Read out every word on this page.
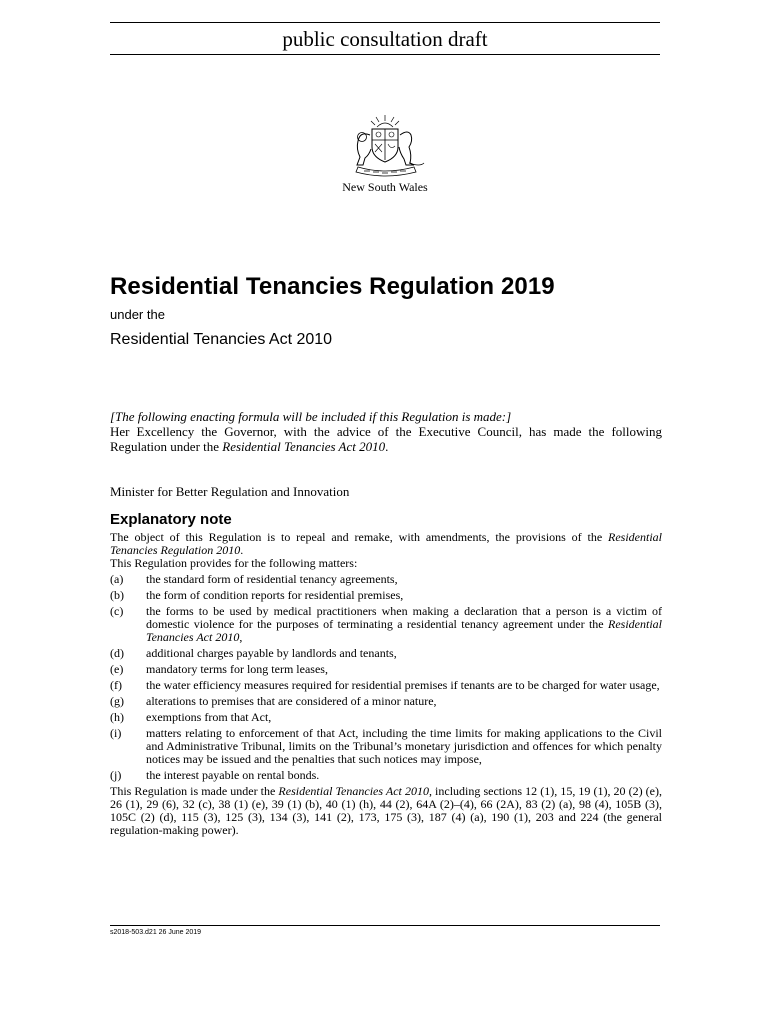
public consultation draft
New South Wales
Residential Tenancies Regulation 2019
under the
Residential Tenancies Act 2010
[The following enacting formula will be included if this Regulation is made:]
Her Excellency the Governor, with the advice of the Executive Council, has made the following Regulation under the Residential Tenancies Act 2010.
Minister for Better Regulation and Innovation
Explanatory note

The object of this Regulation is to repeal and remake, with amendments, the provisions of the Residential Tenancies Regulation 2010.

This Regulation provides for the following matters:

(a)	the standard form of residential tenancy agreements,
(b)	the form of condition reports for residential premises,
(c)	the forms to be used by medical practitioners when making a declaration that a person is a victim of domestic violence for the purposes of terminating a residential tenancy agreement under the Residential Tenancies Act 2010,
(d)	additional charges payable by landlords and tenants,
(e)	mandatory terms for long term leases,
(f)	the water efficiency measures required for residential premises if tenants are to be charged for water usage,
(g)	alterations to premises that are considered of a minor nature,
(h)	exemptions from that Act,
(i)	matters relating to enforcement of that Act, including the time limits for making applications to the Civil and Administrative Tribunal, limits on the Tribunal’s monetary jurisdiction and offences for which penalty notices may be issued and the penalties that such notices may impose,
(j)	the interest payable on rental bonds.

This Regulation is made under the Residential Tenancies Act 2010, including sections 12 (1), 15, 19 (1), 20 (2) (e), 26 (1), 29 (6), 32 (c), 38 (1) (e), 39 (1) (b), 40 (1) (h), 44 (2), 64A (2)–(4), 66 (2A), 83 (2) (a), 98 (4), 105B (3), 105C (2) (d), 115 (3), 125 (3), 134 (3), 141 (2), 173, 175 (3), 187 (4) (a), 190 (1), 203 and 224 (the general regulation-making power).

s2018-503.d21 26 June 2019
